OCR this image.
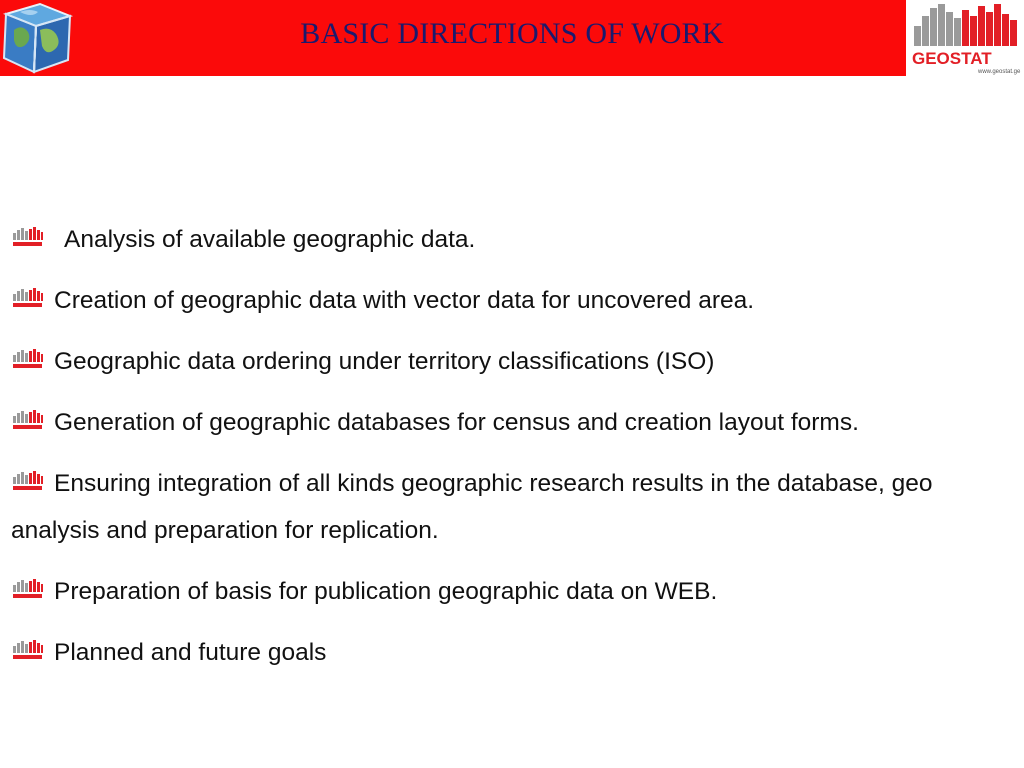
BASIC DIRECTIONS OF WORK
GEOSTAT
www.geostat.ge
Analysis of available geographic data.
Creation of geographic data with vector data for uncovered area.
Geographic data ordering under territory classifications (ISO)
Generation of geographic databases for census and creation layout forms.
Ensuring integration of all kinds geographic research results in the database, geo analysis and preparation for replication.
Preparation of basis for publication geographic data on WEB.
Planned and future goals
